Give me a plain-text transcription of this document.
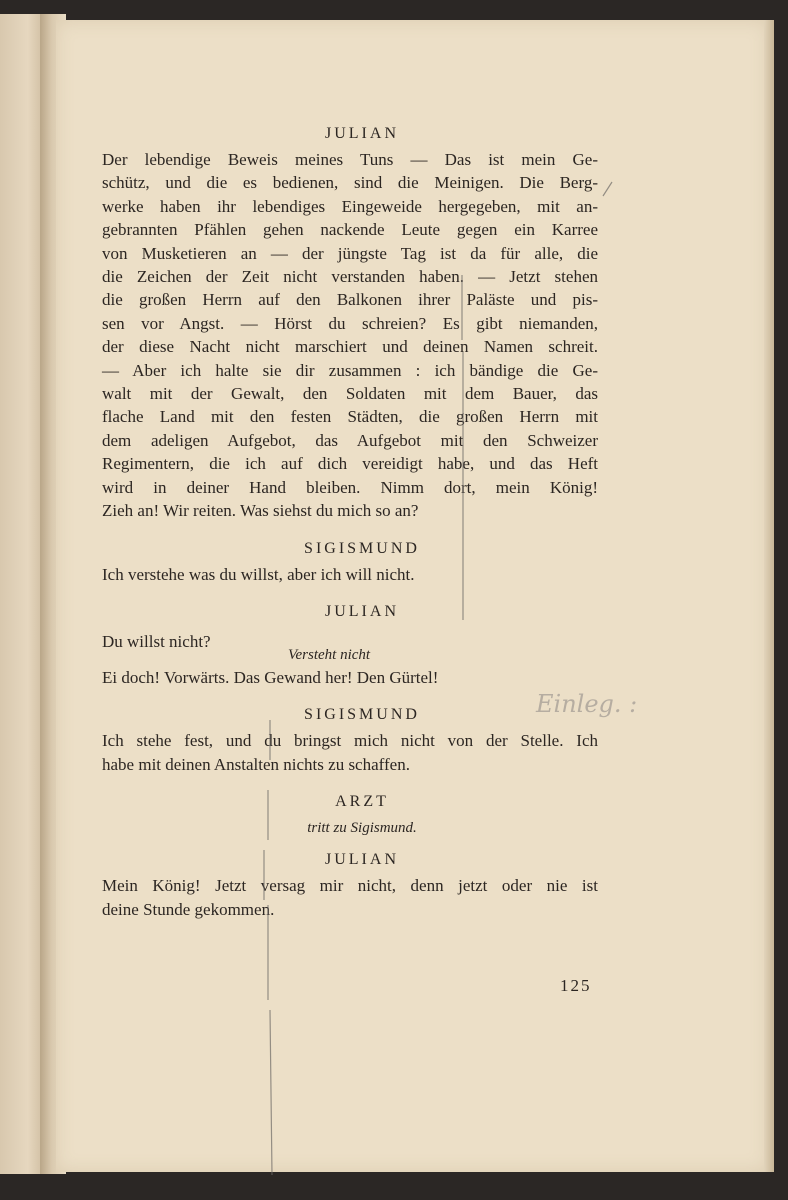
JULIAN

Der lebendige Beweis meines Tuns — Das ist mein Ge-
schütz, und die es bedienen, sind die Meinigen. Die Berg-
werke haben ihr lebendiges Eingeweide hergegeben, mit an-
gebrannten Pfählen gehen nackende Leute gegen ein Karree
von Musketieren an — der jüngste Tag ist da für alle, die
die Zeichen der Zeit nicht verstanden haben. — Jetzt stehen
die großen Herrn auf den Balkonen ihrer Paläste und pis-
sen vor Angst. — Hörst du schreien? Es gibt niemanden,
der diese Nacht nicht marschiert und deinen Namen schreit.
— Aber ich halte sie dir zusammen : ich bändige die Ge-
walt mit der Gewalt, den Soldaten mit dem Bauer, das
flache Land mit den festen Städten, die großen Herrn mit
dem adeligen Aufgebot, das Aufgebot mit den Schweizer
Regimentern, die ich auf dich vereidigt habe, und das Heft
wird in deiner Hand bleiben. Nimm dort, mein König!
Zieh an! Wir reiten. Was siehst du mich so an?

SIGISMUND

Ich verstehe was du willst, aber ich will nicht.

JULIAN

Du willst nicht?
Versteht nicht
Ei doch! Vorwärts. Das Gewand her! Den Gürtel!

SIGISMUND

Ich stehe fest, und du bringst mich nicht von der Stelle. Ich
habe mit deinen Anstalten nichts zu schaffen.

ARZT

tritt zu Sigismund.

JULIAN

Mein König! Jetzt versag mir nicht, denn jetzt oder nie ist
deine Stunde gekommen.
125
Einleg. :
